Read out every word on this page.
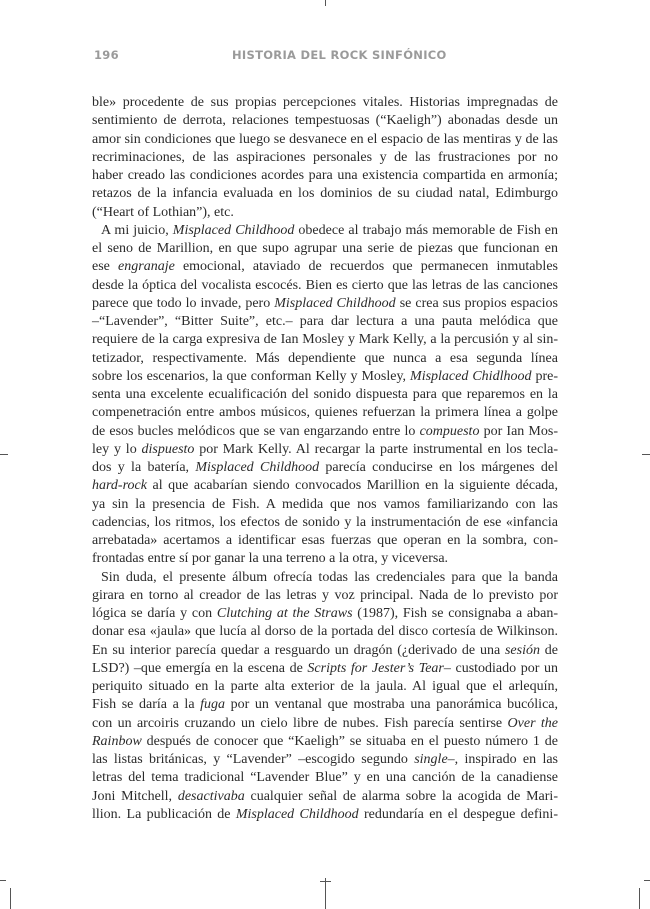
196	HISTORIA DEL ROCK SINFÓNICO
ble» procedente de sus propias percepciones vitales. Historias impregnadas de
sentimiento de derrota, relaciones tempestuosas (“Kaeligh”) abonadas desde un
amor sin condiciones que luego se desvanece en el espacio de las mentiras y de las
recriminaciones, de las aspiraciones personales y de las frustraciones por no
haber creado las condiciones acordes para una existencia compartida en armonía;
retazos de la infancia evaluada en los dominios de su ciudad natal, Edimburgo
(“Heart of Lothian”), etc.
A mi juicio, Misplaced Childhood obedece al trabajo más memorable de Fish en
el seno de Marillion, en que supo agrupar una serie de piezas que funcionan en
ese engranaje emocional, ataviado de recuerdos que permanecen inmutables
desde la óptica del vocalista escocés. Bien es cierto que las letras de las canciones
parece que todo lo invade, pero Misplaced Childhood se crea sus propios espacios
–“Lavender”, “Bitter Suite”, etc.– para dar lectura a una pauta melódica que
requiere de la carga expresiva de Ian Mosley y Mark Kelly, a la percusión y al sin-
tetizador, respectivamente. Más dependiente que nunca a esa segunda línea
sobre los escenarios, la que conforman Kelly y Mosley, Misplaced Chidlhood pre-
senta una excelente ecualificación del sonido dispuesta para que reparemos en la
compenetración entre ambos músicos, quienes refuerzan la primera línea a golpe
de esos bucles melódicos que se van engarzando entre lo compuesto por Ian Mos-
ley y lo dispuesto por Mark Kelly. Al recargar la parte instrumental en los tecla-
dos y la batería, Misplaced Childhood parecía conducirse en los márgenes del
hard-rock al que acabarían siendo convocados Marillion en la siguiente década,
ya sin la presencia de Fish. A medida que nos vamos familiarizando con las
cadencias, los ritmos, los efectos de sonido y la instrumentación de ese «infancia
arrebatada» acertamos a identificar esas fuerzas que operan en la sombra, con-
frontadas entre sí por ganar la una terreno a la otra, y viceversa.
Sin duda, el presente álbum ofrecía todas las credenciales para que la banda
girara en torno al creador de las letras y voz principal. Nada de lo previsto por
lógica se daría y con Clutching at the Straws (1987), Fish se consignaba a aban-
donar esa «jaula» que lucía al dorso de la portada del disco cortesía de Wilkinson.
En su interior parecía quedar a resguardo un dragón (¿derivado de una sesión de
LSD?) –que emergía en la escena de Scripts for Jester’s Tear– custodiado por un
periquito situado en la parte alta exterior de la jaula. Al igual que el arlequín,
Fish se daría a la fuga por un ventanal que mostraba una panorámica bucólica,
con un arcoiris cruzando un cielo libre de nubes. Fish parecía sentirse Over the
Rainbow después de conocer que “Kaeligh” se situaba en el puesto número 1 de
las listas británicas, y “Lavender” –escogido segundo single–, inspirado en las
letras del tema tradicional “Lavender Blue” y en una canción de la canadiense
Joni Mitchell, desactivaba cualquier señal de alarma sobre la acogida de Mari-
llion. La publicación de Misplaced Childhood redundaría en el despegue defini-
